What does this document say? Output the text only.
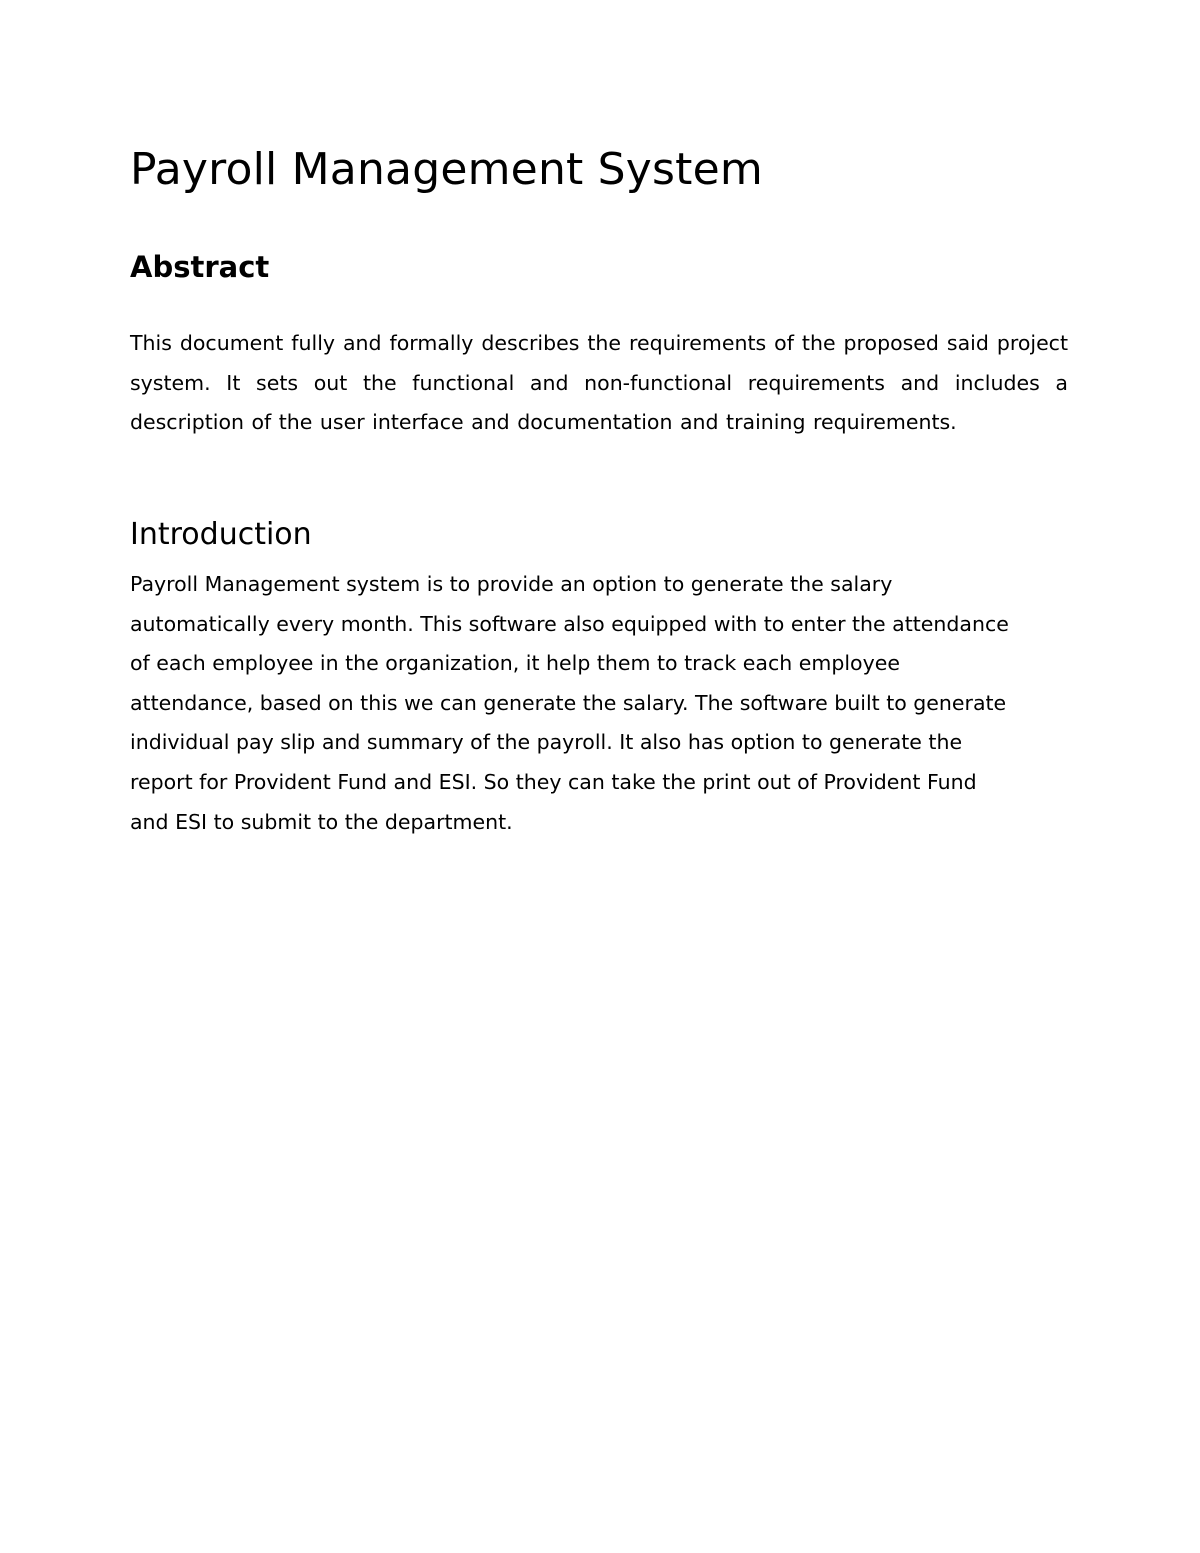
Payroll Management System
Abstract

This document fully and formally describes the requirements of the proposed said project system. It sets out the functional and non-functional requirements and includes a description of the user interface and documentation and training requirements.

Introduction
Payroll Management system is to provide an option to generate the salary
automatically every month. This software also equipped with to enter the attendance
of each employee in the organization, it help them to track each employee
attendance, based on this we can generate the salary. The software built to generate
individual pay slip and summary of the payroll. It also has option to generate the
report for Provident Fund and ESI. So they can take the print out of Provident Fund
and ESI to submit to the department.
